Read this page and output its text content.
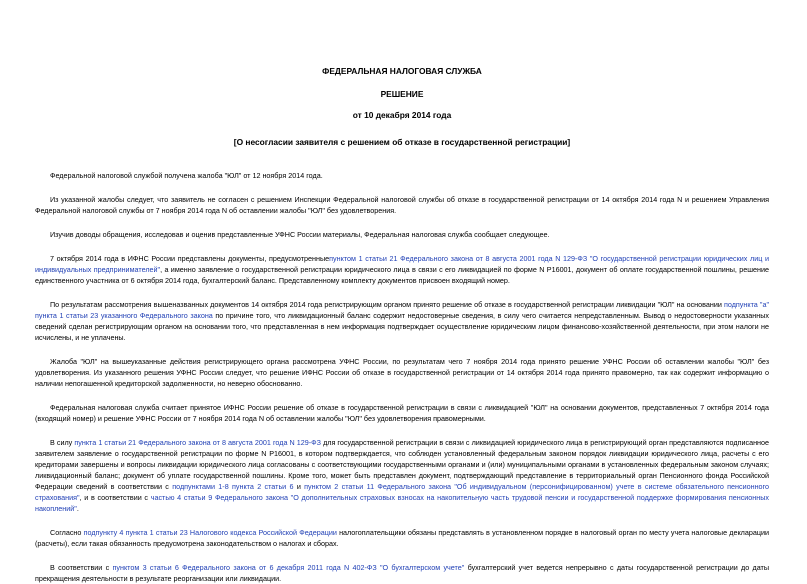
ФЕДЕРАЛЬНАЯ НАЛОГОВАЯ СЛУЖБА

РЕШЕНИЕ

от 10 декабря 2014 года

[О несогласии заявителя с решением об отказе в государственной регистрации]

Федеральной налоговой службой получена жалоба "ЮЛ" от 12 ноября 2014 года.

Из указанной жалобы следует, что заявитель не согласен с решением Инспекции Федеральной налоговой службы об отказе в государственной регистрации от 14 октября 2014 года N и решением Управления Федеральной налоговой службы от 7 ноября 2014 года N об оставлении жалобы "ЮЛ" без удовлетворения.

Изучив доводы обращения, исследовав и оценив представленные УФНС России материалы, Федеральная налоговая служба сообщает следующее.

7 октября 2014 года в ИФНС России представлены документы, предусмотренныепунктом 1 статьи 21 Федерального закона от 8 августа 2001 года N 129-ФЗ "О государственной регистрации юридических лиц и индивидуальных предпринимателей", а именно заявление о государственной регистрации юридического лица в связи с его ликвидацией по форме N Р16001, документ об оплате государственной пошлины, решение единственного участника от 6 октября 2014 года, бухгалтерский баланс. Представленному комплекту документов присвоен входящий номер.

По результатам рассмотрения вышеназванных документов 14 октября 2014 года регистрирующим органом принято решение об отказе в государственной регистрации ликвидации "ЮЛ" на основании подпункта "а" пункта 1 статьи 23 указанного Федерального закона по причине того, что ликвидационный баланс содержит недостоверные сведения, в силу чего считается непредставленным. Вывод о недостоверности указанных сведений сделан регистрирующим органом на основании того, что представленная в нем информация подтверждает осуществление юридическим лицом финансово-хозяйственной деятельности, при этом налоги не исчислены, и не уплачены.

Жалоба "ЮЛ" на вышеуказанные действия регистрирующего органа рассмотрена УФНС России, по результатам чего 7 ноября 2014 года принято решение УФНС России об оставлении жалобы "ЮЛ" без удовлетворения. Из указанного решения УФНС России следует, что решение ИФНС России об отказе в государственной регистрации от 14 октября 2014 года принято правомерно, так как содержит информацию о наличии непогашенной кредиторской задолженности, но неверно обоснованно.

Федеральная налоговая служба считает принятое ИФНС России решение об отказе в государственной регистрации в связи с ликвидацией "ЮЛ" на основании документов, представленных 7 октября 2014 года (входящий номер) и решение УФНС России от 7 ноября 2014 года N об оставлении жалобы "ЮЛ" без удовлетворения правомерными.

В силу пункта 1 статьи 21 Федерального закона от 8 августа 2001 года N 129-ФЗ для государственной регистрации в связи с ликвидацией юридического лица в регистрирующий орган представляются подписанное заявителем заявление о государственной регистрации по форме N Р16001, в котором подтверждается, что соблюден установленный федеральным законом порядок ликвидации юридического лица, расчеты с его кредиторами завершены и вопросы ликвидации юридического лица согласованы с соответствующими государственными органами и (или) муниципальными органами в установленных федеральным законом случаях; ликвидационный баланс; документ об уплате государственной пошлины. Кроме того, может быть представлен документ, подтверждающий представление в территориальный орган Пенсионного фонда Российской Федерации сведений в соответствии с подпунктами 1-8 пункта 2 статьи 6 и пунктом 2 статьи 11 Федерального закона "Об индивидуальном (персонифицированном) учете в системе обязательного пенсионного страхования", и в соответствии с частью 4 статьи 9 Федерального закона "О дополнительных страховых взносах на накопительную часть трудовой пенсии и государственной поддержке формирования пенсионных накоплений".

Согласно подпункту 4 пункта 1 статьи 23 Налогового кодекса Российской Федерации налогоплательщики обязаны представлять в установленном порядке в налоговый орган по месту учета налоговые декларации (расчеты), если такая обязанность предусмотрена законодательством о налогах и сборах.

В соответствии с пунктом 3 статьи 6 Федерального закона от 6 декабря 2011 года N 402-ФЗ "О бухгалтерском учете" бухгалтерский учет ведется непрерывно с даты государственной регистрации до даты прекращения деятельности в результате реорганизации или ликвидации.
